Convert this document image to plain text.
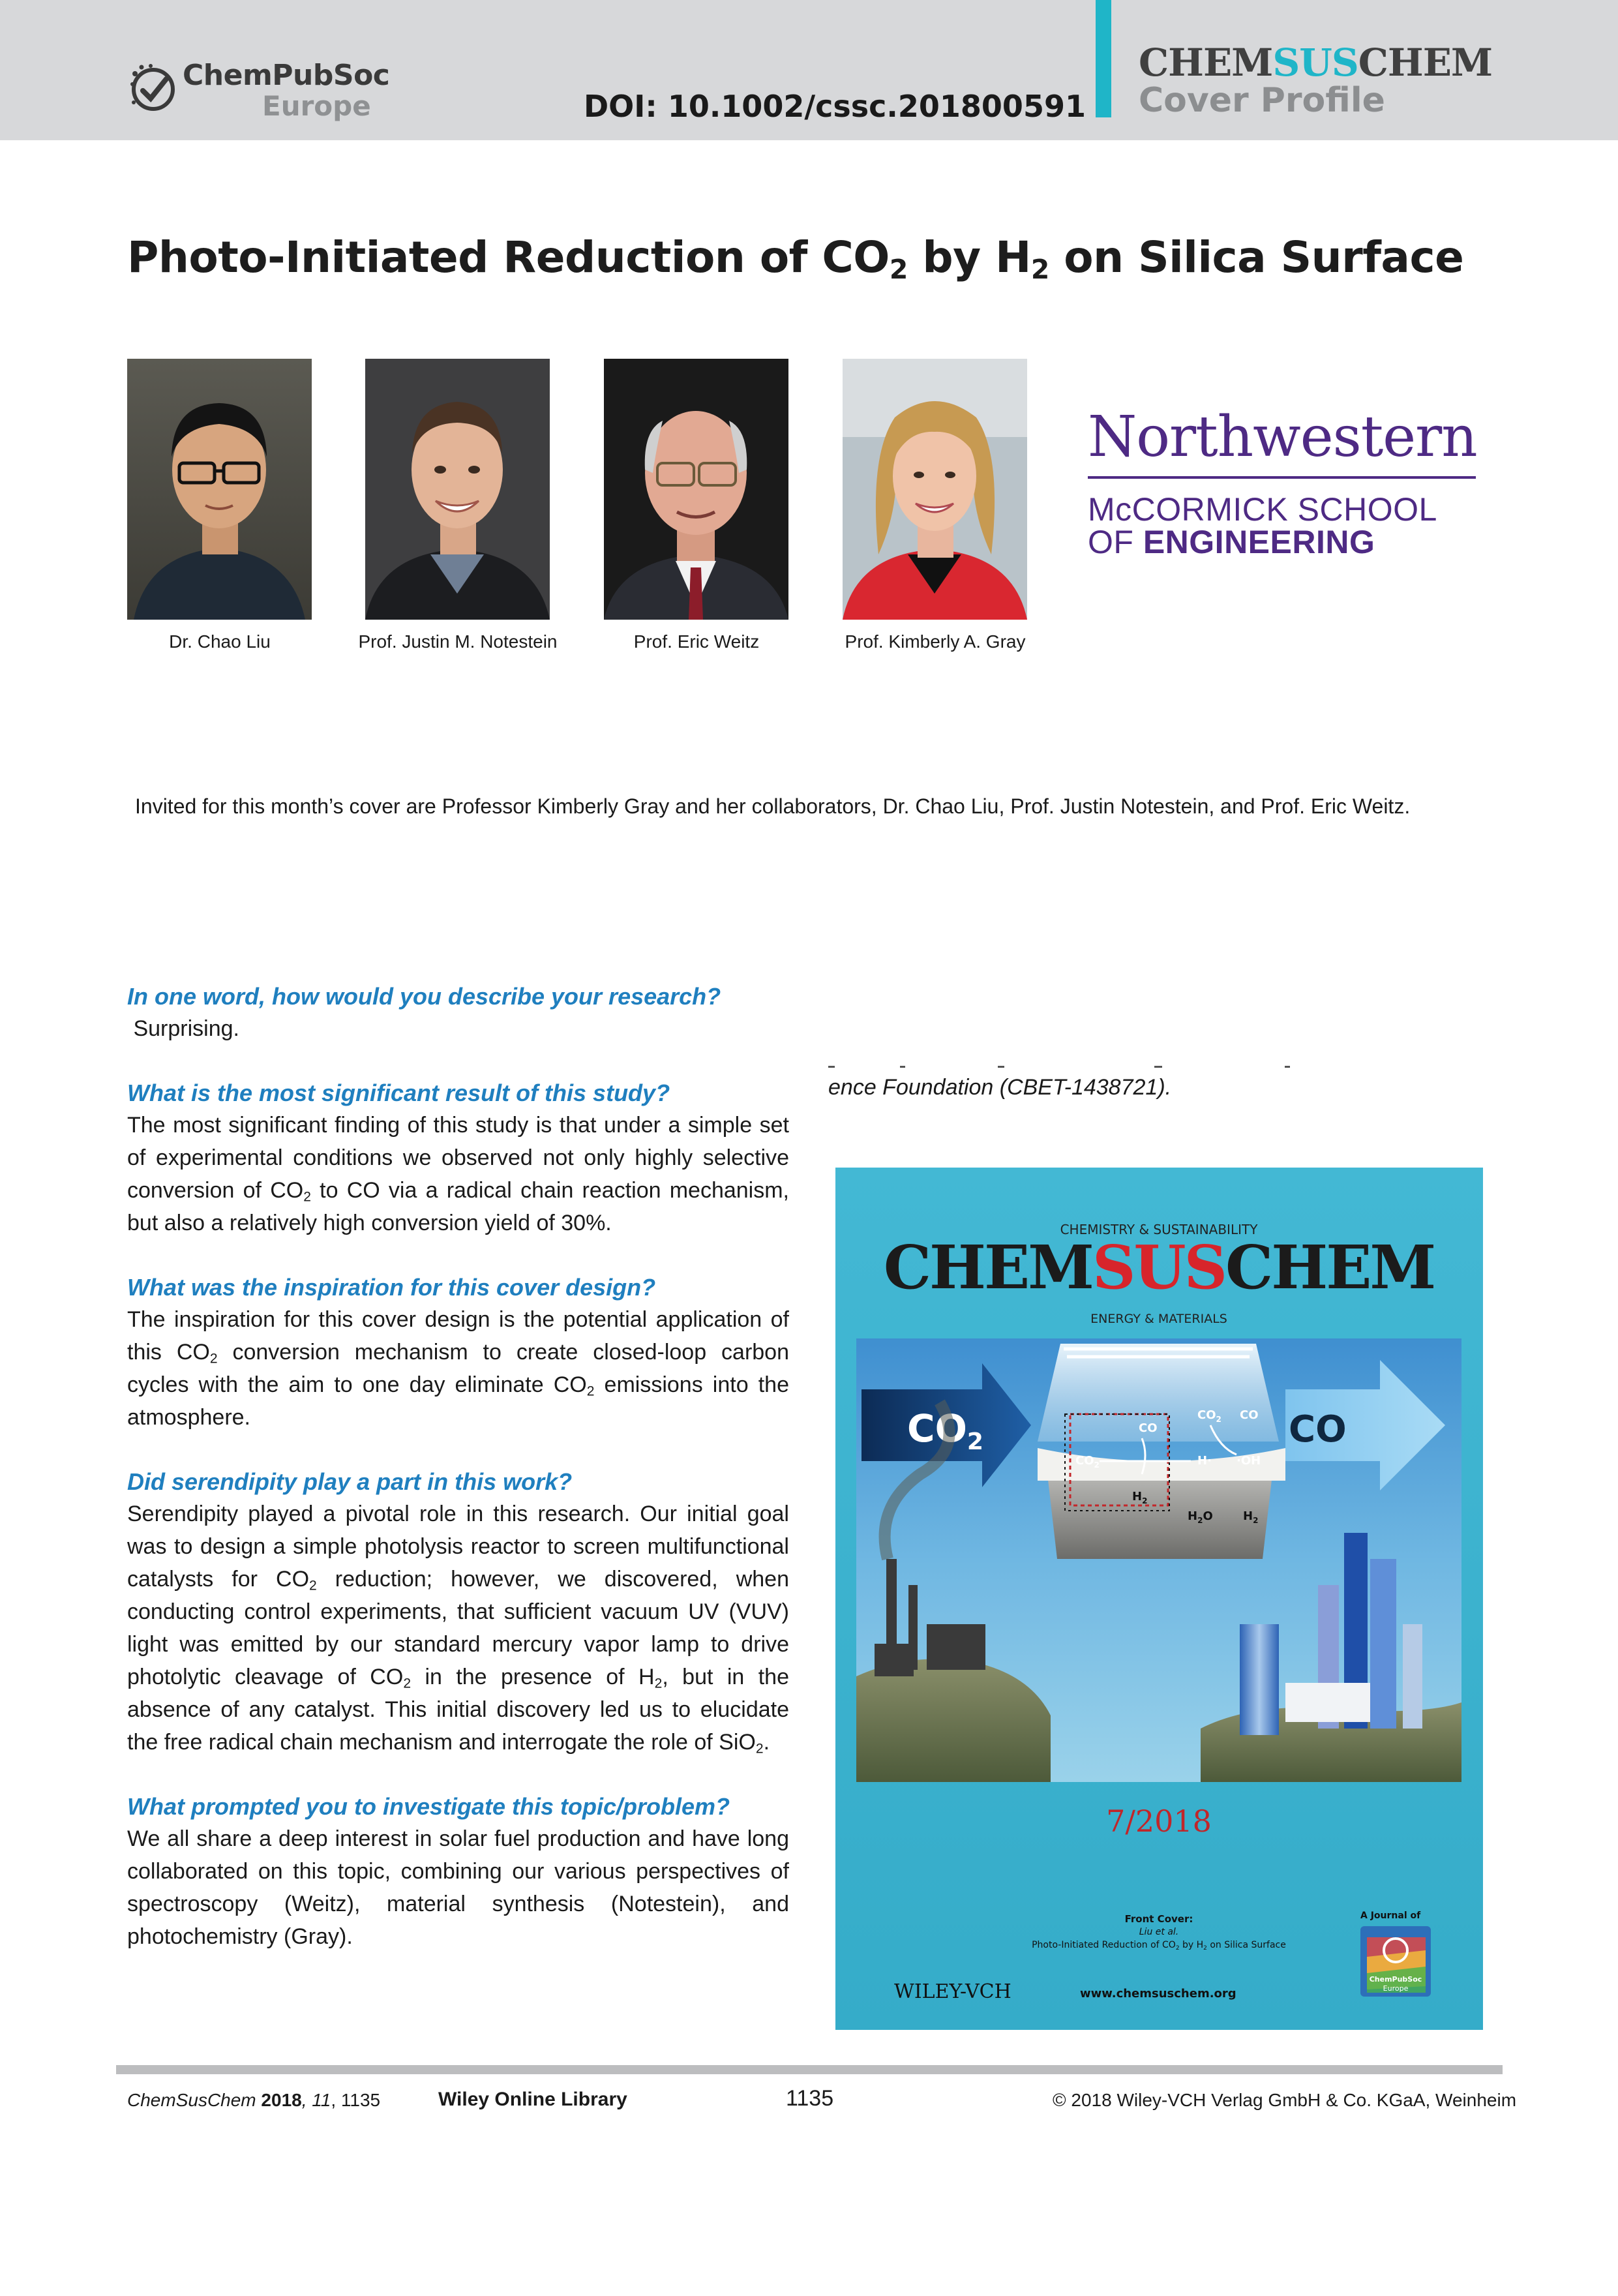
ChemPubSoc
Europe	DOI: 10.1002/cssc.201800591
CHEMSUSCHEM
Cover Profile
Photo-Initiated Reduction of $CO_2$ by $H_2$ on Silica Surface
Dr. Chao Liu	Prof. Justin M. Notestein	Prof. Eric Weitz	Prof. Kimberly A. Gray
Northwestern
McCORMICK SCHOOL
OF ENGINEERING
Invited for this month’s cover are Professor Kimberly Gray and her collaborators, Dr. Chao Liu, Prof. Justin Notestein, and Prof. Eric Weitz.

In one word, how would you describe your research?

Surprising.

What is the most significant result of this study?

The most significant finding of this study is that under a simple set of experimental conditions we observed not only highly selective conversion of $CO_2$ to CO via a radical chain reaction mechanism, but also a relatively high conversion yield of 30%.

What was the inspiration for this cover design?

The inspiration for this cover design is the potential application of this $CO_2$ conversion mechanism to create closed-loop carbon cycles with the aim to one day eliminate $CO_2$ emissions into the atmosphere.

Did serendipity play a part in this work?

Serendipity played a pivotal role in this research. Our initial goal was to design a simple photolysis reactor to screen multifunctional catalysts for $CO_2$ reduction; however, we discovered, when conducting control experiments, that sufficient vacuum UV (VUV) light was emitted by our standard mercury vapor lamp to drive photolytic cleavage of $CO_2$ in the presence of $H_2$, but in the absence of any catalyst. This initial discovery led us to elucidate the free radical chain mechanism and interrogate the role of SiO$_2$.

What prompted you to investigate this topic/problem?

We all share a deep interest in solar fuel production and have long collaborated on this topic, combining our various perspectives of spectroscopy (Weitz), material synthesis (Notestein), and photochemistry (Gray).

ence Foundation (CBET-1438721).
CHEMISTRY & SUSTAINABILITY
CHEMSUSCHEM
ENERGY & MATERIALS
$CO_2$	CO
CO
$CO_2$ CO
$CO_2$	H· ·OH
$H_2$
$H_2O$	$H_2$
7/2018
Front Cover:
Liu et al.
Photo-Initiated Reduction of $CO_2$ by $H_2$ on Silica Surface
WILEY-VCH	www.chemsuschem.org
A Journal of
ChemPubSoc
Europe
ChemSusChem 2018, 11, 1135	Wiley Online Library	1135	© 2018 Wiley-VCH Verlag GmbH & Co. KGaA, Weinheim
